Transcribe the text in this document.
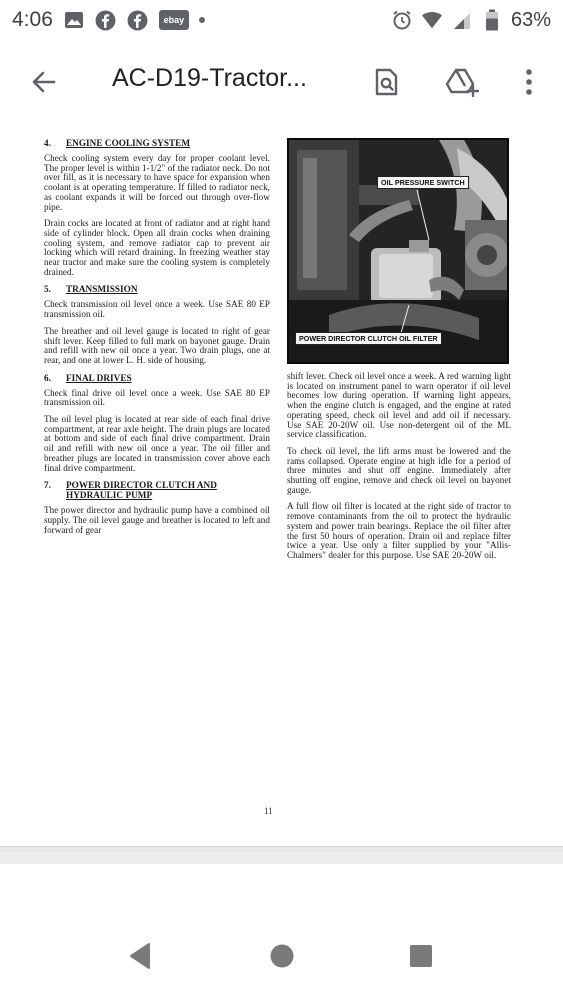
4:06	ebay	63%
AC-D19-Tractor...
4.	ENGINE COOLING SYSTEM

Check cooling system every day for proper coolant level. The proper level is within 1-1/2" of the radiator neck. Do not over fill, as it is necessary to have space for expansion when coolant is at operating temperature. If filled to radiator neck, as coolant expands it will be forced out through over-flow pipe.

Drain cocks are located at front of radiator and at right hand side of cylinder block. Open all drain cocks when draining cooling system, and remove radiator cap to prevent air locking which will retard draining. In freezing weather stay near tractor and make sure the cooling system is completely drained.

5.	TRANSMISSION

Check transmission oil level once a week. Use SAE 80 EP transmission oil.

The breather and oil level gauge is located to right of gear shift lever. Keep filled to full mark on bayonet gauge. Drain and refill with new oil once a year. Two drain plugs, one at rear, and one at lower L. H. side of housing.

6.	FINAL DRIVES

Check final drive oil level once a week. Use SAE 80 EP transmission oil.

The oil level plug is located at rear side of each final drive compartment, at rear axle height. The drain plugs are located at bottom and side of each final drive compartment. Drain oil and refill with new oil once a year. The oil filler and breather plugs are located in transmission cover above each final drive compartment.

7.	POWER DIRECTOR CLUTCH AND HYDRAULIC PUMP

The power director and hydraulic pump have a combined oil supply. The oil level gauge and breather is located to left and forward of gear

OIL PRESSURE SWITCH
POWER DIRECTOR CLUTCH OIL FILTER

shift lever. Check oil level once a week. A red warning light is located on instrument panel to warn operator if oil level becomes low during operation. If warning light appears, when the engine clutch is engaged, and the engine at rated operating speed, check oil level and add oil if necessary. Use SAE 20-20W oil. Use non-detergent oil of the ML service classification.

To check oil level, the lift arms must be lowered and the rams collapsed. Operate engine at high idle for a period of three minutes and shut off engine. Immediately after shutting off engine, remove and check oil level on bayonet gauge.

A full flow oil filter is located at the right side of tractor to remove contaminants from the oil to protect the hydraulic system and power train bearings. Replace the oil filter after the first 50 hours of operation. Drain oil and replace filter twice a year. Use only a filter supplied by your "Allis-Chalmers" dealer for this purpose. Use SAE 20-20W oil.

11
